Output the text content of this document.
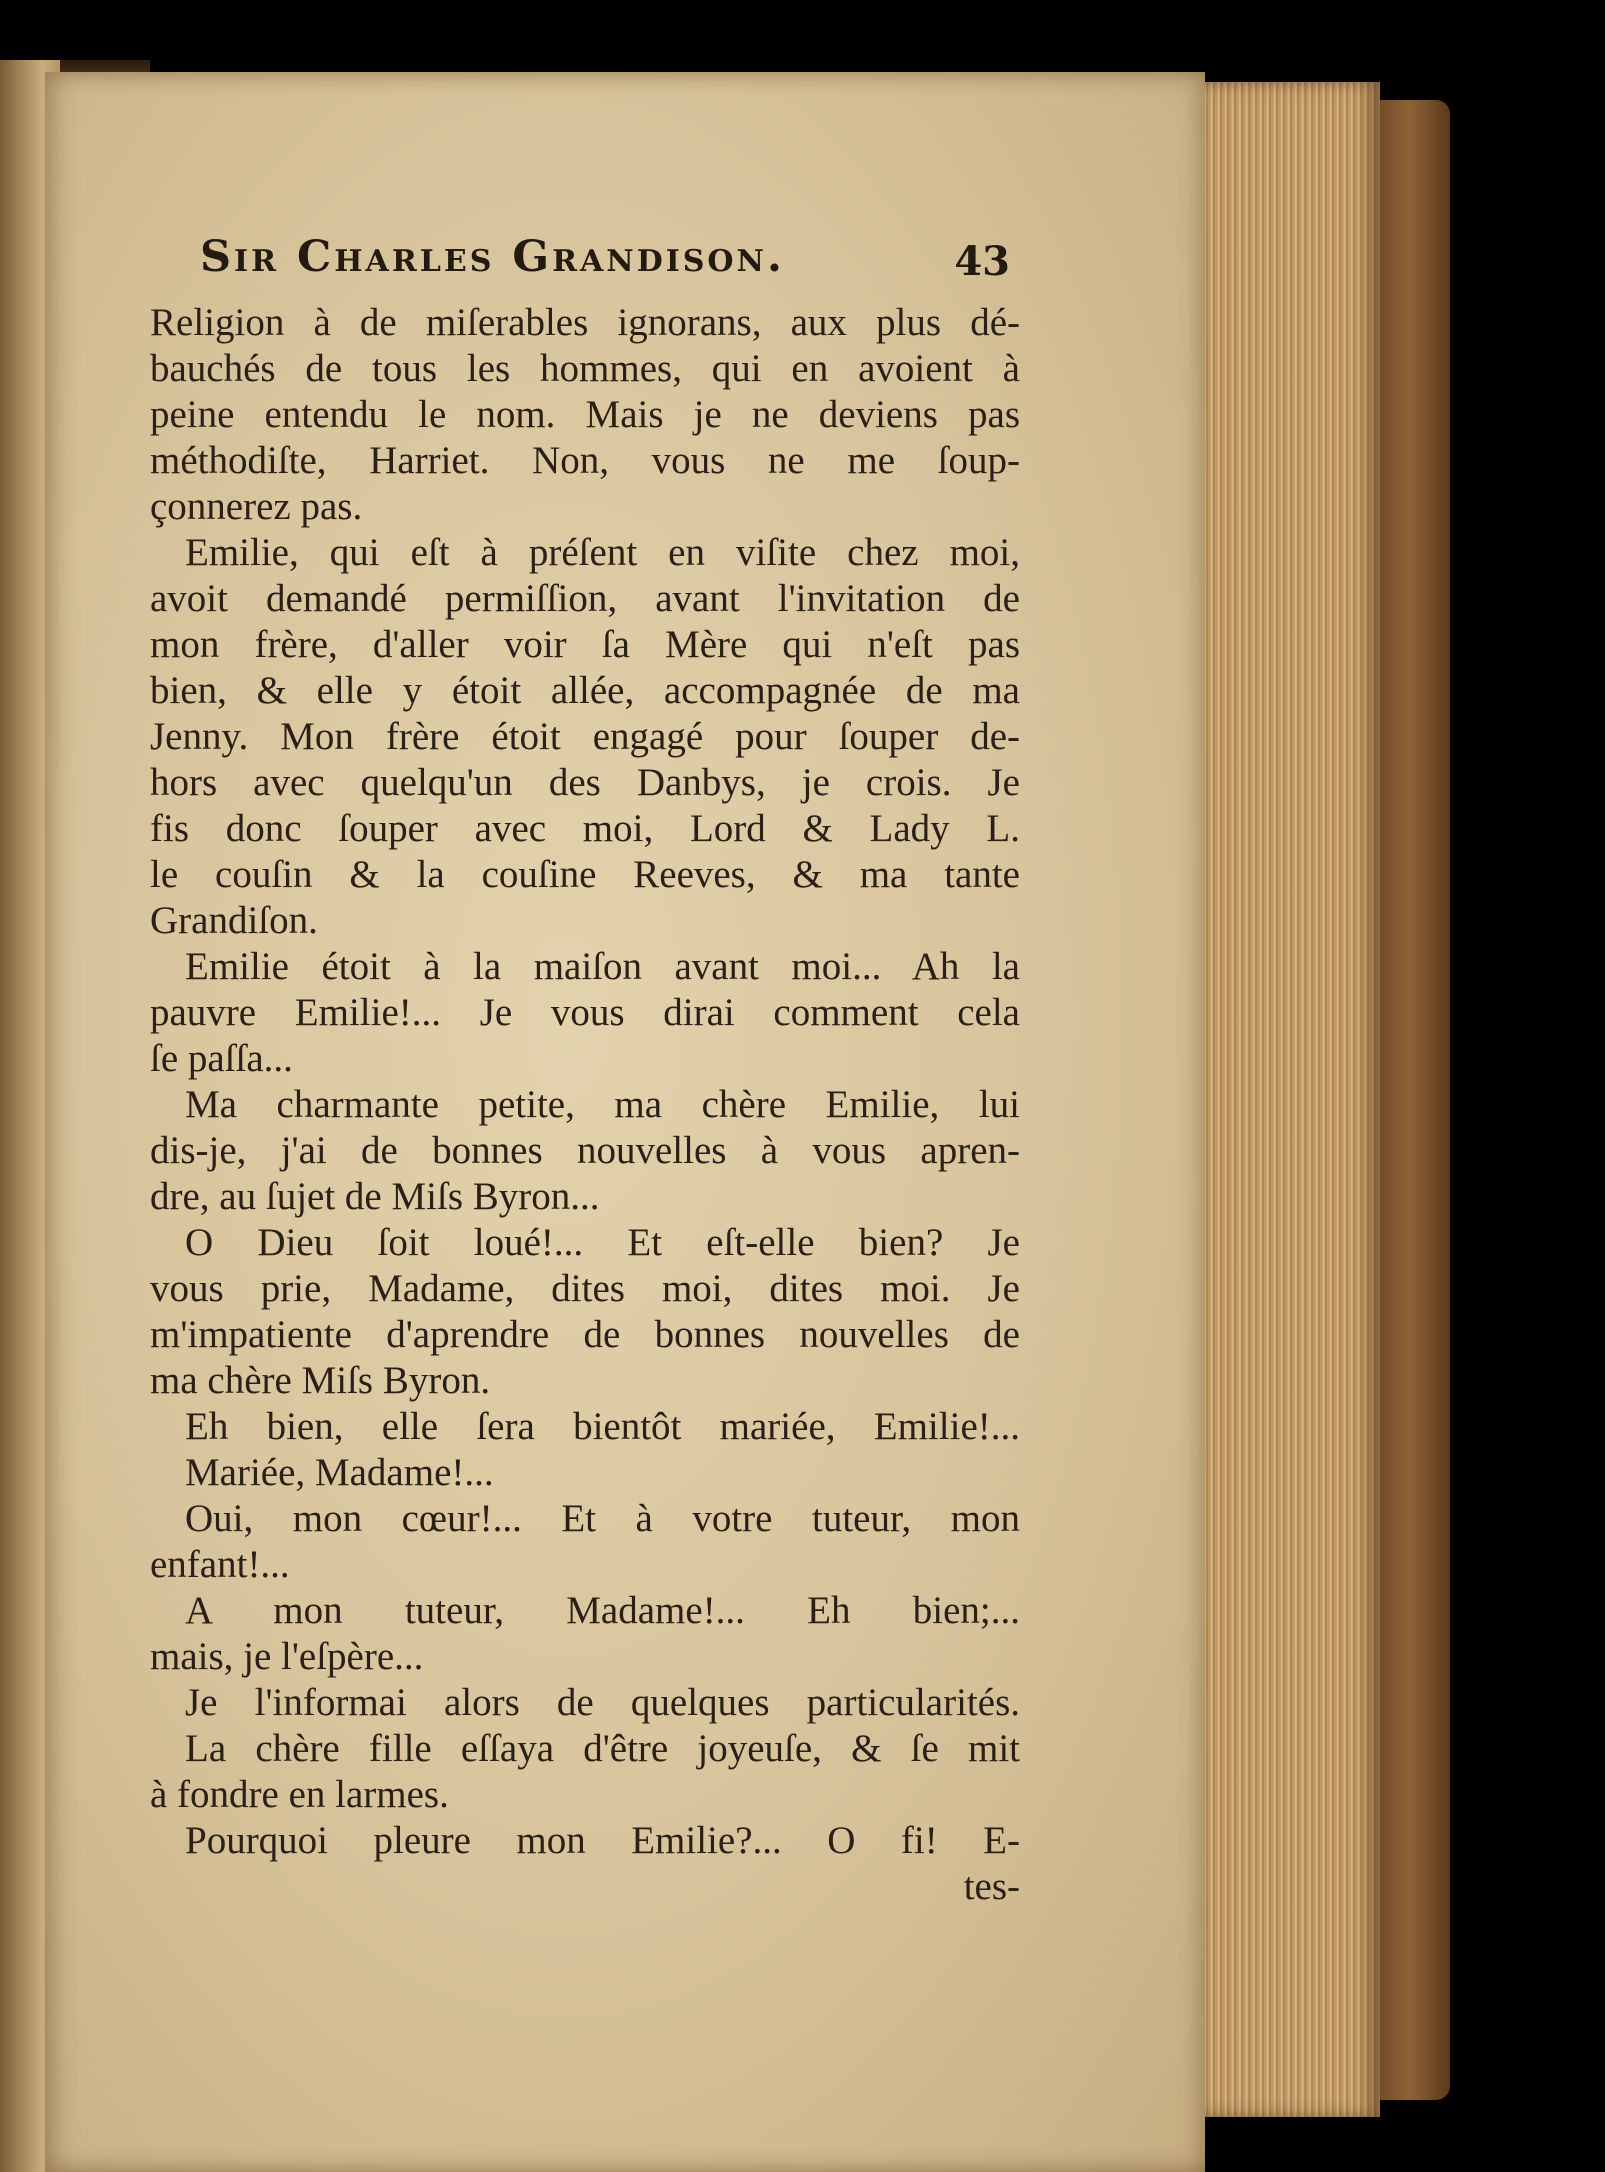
Sir Charles Grandison.	43
Religion à de miſerables ignorans, aux plus dé-
bauchés de tous les hommes, qui en avoient à
peine entendu le nom. Mais je ne deviens pas
méthodiſte, Harriet. Non, vous ne me ſoup-
çonnerez pas.
Emilie, qui eſt à préſent en viſite chez moi,
avoit demandé permiſſion, avant l'invitation de
mon frère, d'aller voir ſa Mère qui n'eſt pas
bien, & elle y étoit allée, accompagnée de ma
Jenny. Mon frère étoit engagé pour ſouper de-
hors avec quelqu'un des Danbys, je crois. Je
fis donc ſouper avec moi, Lord & Lady L.
le couſin & la couſine Reeves, & ma tante
Grandiſon.
Emilie étoit à la maiſon avant moi... Ah la
pauvre Emilie!... Je vous dirai comment cela
ſe paſſa...
Ma charmante petite, ma chère Emilie, lui
dis-je, j'ai de bonnes nouvelles à vous apren-
dre, au ſujet de Miſs Byron...
O Dieu ſoit loué!... Et eſt-elle bien? Je
vous prie, Madame, dites moi, dites moi. Je
m'impatiente d'aprendre de bonnes nouvelles de
ma chère Miſs Byron.
Eh bien, elle ſera bientôt mariée, Emilie!...
Mariée, Madame!...
Oui, mon cœur!... Et à votre tuteur, mon
enfant!...
A mon tuteur, Madame!... Eh bien;...
mais, je l'eſpère...
Je l'informai alors de quelques particularités.
La chère fille eſſaya d'être joyeuſe, & ſe mit
à fondre en larmes.
Pourquoi pleure mon Emilie?... O fi! E-
tes-
